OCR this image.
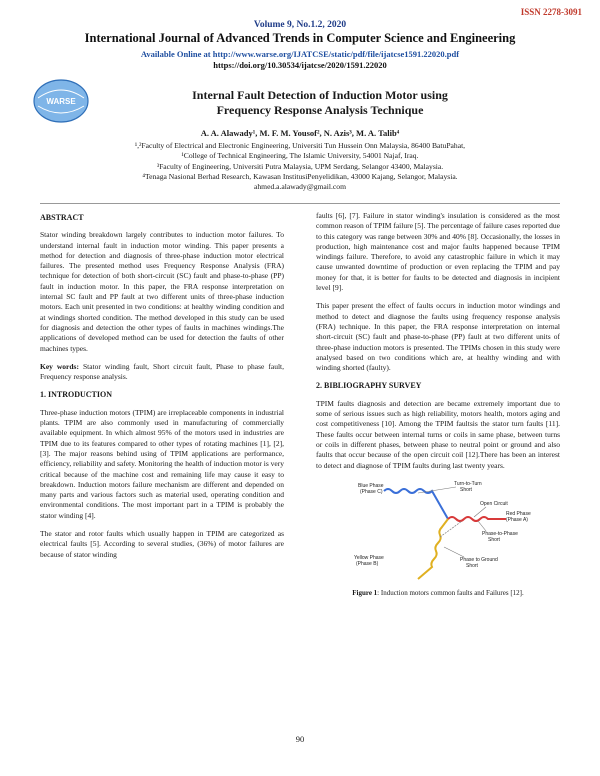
ISSN 2278-3091
Volume 9, No.1.2, 2020
International Journal of Advanced Trends in Computer Science and Engineering
Available Online at http://www.warse.org/IJATCSE/static/pdf/file/ijatcse1591.22020.pdf
https://doi.org/10.30534/ijatcse/2020/1591.22020
WARSE	Internal Fault Detection of Induction Motor using
Frequency Response Analysis Technique
A. A. Alawady¹, M. F. M. Yousof², N. Azis³, M. A. Talib⁴
¹,²Faculty of Electrical and Electronic Engineering, Universiti Tun Hussein Onn Malaysia, 86400 BatuPahat,
¹College of Technical Engineering, The Islamic University, 54001 Najaf, Iraq.
³Faculty of Engineering, Universiti Putra Malaysia, UPM Serdang, Selangor 43400, Malaysia.
⁴Tenaga Nasional Berhad Research, Kawasan InstitusiPenyelidikan, 43000 Kajang, Selangor, Malaysia.
ahmed.a.alawady@gmail.com
ABSTRACT

Stator winding breakdown largely contributes to induction motor failures. To understand internal fault in induction motor winding. This paper presents a method for detection and diagnosis of three-phase induction motor electrical failures. The presented method uses Frequency Response Analysis (FRA) technique for detection of both short-circuit (SC) fault and phase-to-phase (PP) fault in induction motor. In this paper, the FRA response interpretation on internal SC fault and PP fault at two different units of three-phase induction motors. Each unit presented in two conditions: at healthy winding condition and at windings shorted condition. The method developed in this study can be used for diagnosis and detection the other types of faults in machines windings.The applications of developed method can be used for detection the faults of other machines types.

Key words: Stator winding fault, Short circuit fault, Phase to phase fault, Frequency response analysis.

1. INTRODUCTION

Three-phase induction motors (TPIM) are irreplaceable components in industrial plants. TPIM are also commonly used in manufacturing of commercially available equipment. In which almost 95% of the motors used in industries are TPIM due to its features compared to other types of rotating machines [1], [2], [3]. The major reasons behind using of TPIM applications are performance, efficiency, reliability and safety. Monitoring the health of induction motor is very critical because of the machine cost and remaining life may cause it easy to breakdown. Induction motors failure mechanism are different and depended on many parts and various factors such as material used, operating condition and environmental conditions. The most important part in a TPIM is probably the stator winding [4].

The stator and rotor faults which usually happen in TPIM are categorized as electrical faults [5]. According to several studies, (36%) of motor failures are because of stator winding

faults [6], [7]. Failure in stator winding's insulation is considered as the most common reason of TPIM failure [5]. The percentage of failure cases reported due to this category was range between 30% and 40% [8]. Occasionally, the losses in production, high maintenance cost and major faults happened because TPIM windings failure. Therefore, to avoid any catastrophic failure in which it may cause unwanted downtime of production or even replacing the TPIM and pay money for that, it is better for faults to be detected and diagnosis in incipient level [9].

This paper present the effect of faults occurs in induction motor windings and method to detect and diagnose the faults using frequency response analysis (FRA) technique. In this paper, the FRA response interpretation on internal short-circuit (SC) fault and phase-to-phase (PP) fault at two different units of three-phase induction motors is presented. The TPIMs chosen in this study were analysed based on two conditions which are, at healthy winding and with winding shorted (faulty).

2. BIBLIOGRAPHY SURVEY

TPIM faults diagnosis and detection are became extremely important due to some of serious issues such as high reliability, motors health, motors aging and cost competitiveness [10]. Among the TPIM faultsis the stator turn faults [11]. These faults occur between internal turns or coils in same phase, between turns or coils in different phases, between phase to neutral point or ground and also faults that occur because of the open circuit coil [12].There has been an interest to detect and diagnose of TPIM faults during last twenty years.

Blue Phase
(Phase C)
Turn-to-Turn
Short
Open Circuit
Red Phase
(Phase A)
Phase-to-Phase
Short
Yellow Phase
(Phase B)
Phase to Ground
Short
Figure 1: Induction motors common faults and Failures [12].
90
